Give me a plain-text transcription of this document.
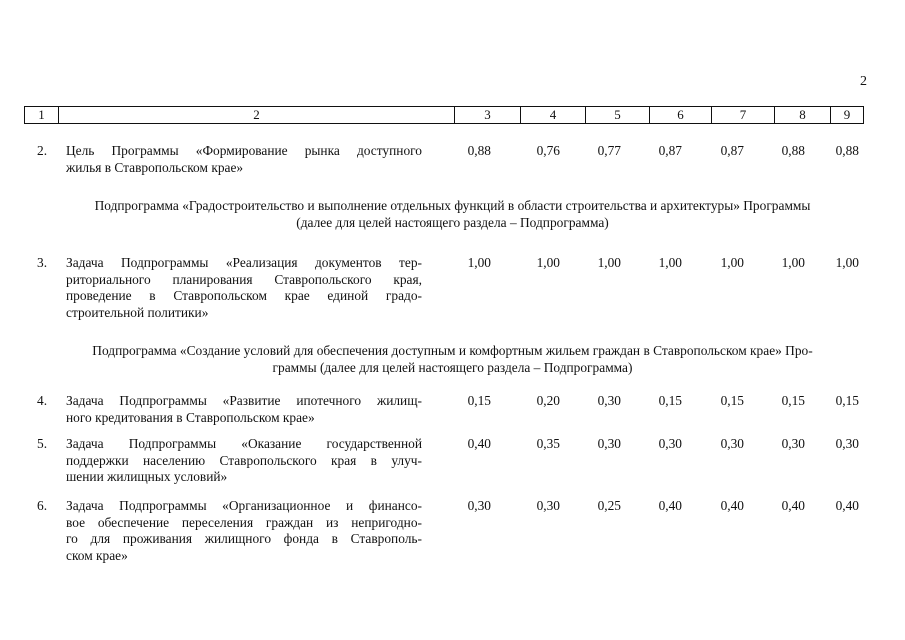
2
1	2	3	4	5	6	7	8	9
2. Цель Программы «Формирование рынка доступного
жилья в Ставропольском крае»
0,88	0,76	0,77	0,87	0,87	0,88 0,88
Подпрограмма «Градостроительство и выполнение отдельных функций в области строительства и архитектуры» Программы
(далее для целей настоящего раздела – Подпрограмма)
3. Задача Подпрограммы «Реализация документов тер-
риториального планирования Ставропольского края,
проведение в Ставропольском крае единой градо-
строительной политики»
1,00	1,00	1,00	1,00	1,00	1,00 1,00
Подпрограмма «Создание условий для обеспечения доступным и комфортным жильем граждан в Ставропольском крае» Про-
граммы (далее для целей настоящего раздела – Подпрограмма)
4. Задача Подпрограммы «Развитие ипотечного жилищ-
ного кредитования в Ставропольском крае»
0,15	0,20	0,30	0,15	0,15	0,15 0,15
5. Задача Подпрограммы «Оказание государственной
поддержки населению Ставропольского края в улуч-
шении жилищных условий»
0,40	0,35	0,30	0,30	0,30	0,30 0,30
6. Задача Подпрограммы «Организационное и финансо-
вое обеспечение переселения граждан из непригодно-
го для проживания жилищного фонда в Ставрополь-
ском крае»
0,30	0,30	0,25	0,40	0,40	0,40 0,40
